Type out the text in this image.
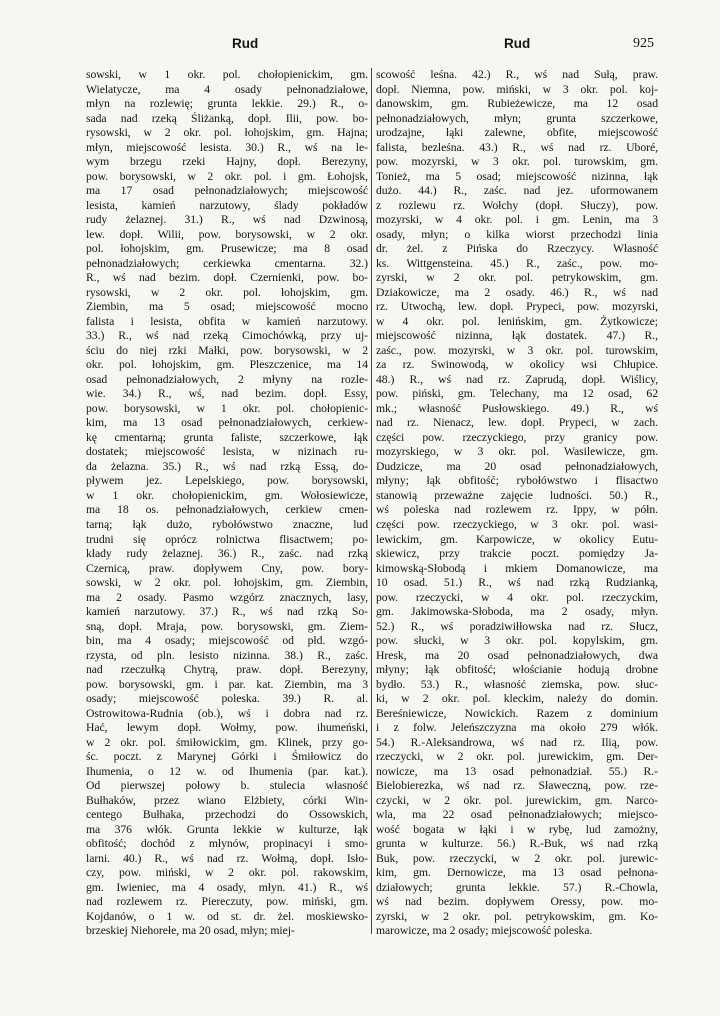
Rud	Rud	925
sowski, w 1 okr. pol. chołopienickim, gm.
Wielatycze, ma 4 osady pełnonadziałowe,
młyn na rozlewię; grunta lekkie. 29.) R., o-
sada nad rzeką Śliżanką, dopł. Ilii, pow. bo-
rysowski, w 2 okr. pol. łohojskim, gm. Hajna;
młyn, miejscowość lesista. 30.) R., wś na le-
wym brzegu rzeki Hajny, dopł. Berezyny,
pow. borysowski, w 2 okr. pol. i gm. Łohojsk,
ma 17 osad pełnonadziałowych; miejscowość
lesista, kamień narzutowy, ślady pokładów
rudy żelaznej. 31.) R., wś nad Dzwinosą,
lew. dopł. Wilii, pow. borysowski, w 2 okr.
pol. łohojskim, gm. Prusewicze; ma 8 osad
pełnonadziałowych; cerkiewka cmentarna. 32.)
R., wś nad bezim. dopł. Czernienki, pow. bo-
rysowski, w 2 okr. pol. łohojskim, gm.
Ziembin, ma 5 osad; miejscowość mocno
falista i lesista, obfita w kamień narzutowy.
33.) R., wś nad rzeką Cimochówką, przy uj-
ściu do niej rzki Małki, pow. borysowski, w 2
okr. pol. łohojskim, gm. Pleszczenice, ma 14
osad pełnonadziałowych, 2 młyny na rozle-
wie. 34.) R., wś, nad bezim. dopł. Essy,
pow. borysowski, w 1 okr. pol. chołopienic-
kim, ma 13 osad pełnonadziałowych, cerkiew-
kę cmentarną; grunta faliste, szczerkowe, łąk
dostatek; miejscowość lesista, w nizinach ru-
da żelazna. 35.) R., wś nad rzką Essą, do-
pływem jez. Lepelskiego, pow. borysowski,
w 1 okr. chołopienickim, gm. Wołosiewicze,
ma 18 os. pełnonadziałowych, cerkiew cmen-
tarną; łąk dużo, rybołówstwo znaczne, lud
trudni się oprócz rolnictwa flisactwem; po-
kłady rudy żelaznej. 36.) R., zaśc. nad rzką
Czernicą, praw. dopływem Cny, pow. bory-
sowski, w 2 okr. pol. łohojskim, gm. Ziembin,
ma 2 osady. Pasmo wzgórz znacznych, lasy,
kamień narzutowy. 37.) R., wś nad rzką So-
sną, dopł. Mraja, pow. borysowski, gm. Ziem-
bin, ma 4 osady; miejscowość od płd. wzgó-
rzysta, od pln. lesisto nizinna. 38.) R., zaśc.
nad rzeczułką Chytrą, praw. dopł. Berezyny,
pow. borysowski, gm. i par. kat. Ziembin, ma 3
osady; miejscowość poleska. 39.) R. al.
Ostrowitowa-Rudnia (ob.), wś i dobra nad rz.
Hać, lewym dopł. Wołmy, pow. ihumeński,
w 2 okr. pol. śmiłowickim, gm. Klinek, przy go-
śc. poczt. z Marynej Górki i Śmiłowicz do
Ihumenia, o 12 w. od Ihumenia (par. kat.).
Od pierwszej połowy b. stulecia własność
Bułhaków, przez wiano Elżbiety, córki Win-
centego Bułhaka, przechodzi do Ossowskich,
ma 376 włók. Grunta lekkie w kulturze, łąk
obfitość; dochód z młynów, propinacyi i smo-
larni. 40.) R., wś nad rz. Wołmą, dopł. Isło-
czy, pow. miński, w 2 okr. pol. rakowskim,
gm. Iwieniec, ma 4 osady, młyn. 41.) R., wś
nad rozlewem rz. Piereczuty, pow. miński, gm.
Kojdanów, o 1 w. od st. dr. żel. moskiewsko-
brzeskiej Niehorełe, ma 20 osad, młyn; miej-
scowość leśna. 42.) R., wś nad Sułą, praw.
dopł. Niemna, pow. miński, w 3 okr. pol. koj-
danowskim, gm. Rubieżewicze, ma 12 osad
pełnonadziałowych, młyn; grunta szczerkowe,
urodzajne, łąki zalewne, obfite, miejscowość
falista, bezleśna. 43.) R., wś nad rz. Uboré,
pow. mozyrski, w 3 okr. pol. turowskim, gm.
Tonież, ma 5 osad; miejscowość nizinna, łąk
dużo. 44.) R., zaśc. nad jez. uformowanem
z rozlewu rz. Wołchy (dopł. Słuczy), pow.
mozyrski, w 4 okr. pol. i gm. Lenin, ma 3
osady, młyn; o kilka wiorst przechodzi linia
dr. żel. z Pińska do Rzeczycy. Własność
ks. Wittgensteina. 45.) R., zaśc., pow. mo-
zyrski, w 2 okr. pol. petrykowskim, gm.
Dziakowicze, ma 2 osady. 46.) R., wś nad
rz. Utwochą, lew. dopł. Prypeci, pow. mozyrski,
w 4 okr. pol. lenińskim, gm. Żytkowicze;
miejscowość nizinna, łąk dostatek. 47.) R.,
zaśc., pow. mozyrski, w 3 okr. pol. turowskim,
za rz. Swinowodą, w okolicy wsi Chłupice.
48.) R., wś nad rz. Zaprudą, dopł. Wiślicy,
pow. piński, gm. Telechany, ma 12 osad, 62
mk.; własność Pusłowskiego. 49.) R., wś
nad rz. Nienacz, lew. dopł. Prypeci, w zach.
części pow. rzeczyckiego, przy granicy pow.
mozyrskiego, w 3 okr. pol. Wasilewicze, gm.
Dudzicze, ma 20 osad pełnonadziałowych,
młyny; łąk obfitość; rybołówstwo i flisactwo
stanowią przeważne zajęcie ludności. 50.) R.,
wś poleska nad rozlewem rz. Ippy, w półn.
części pow. rzeczyckiego, w 3 okr. pol. wasi-
lewickim, gm. Karpowicze, w okolicy Eutu-
skiewicz, przy trakcie poczt. pomiędzy Ja-
kimowską-Słobodą i mkiem Domanowicze, ma
10 osad. 51.) R., wś nad rzką Rudzianką,
pow. rzeczycki, w 4 okr. pol. rzeczyckim,
gm. Jakimowska-Słoboda, ma 2 osady, młyn.
52.) R., wś poradziwiłłowska nad rz. Słucz,
pow. słucki, w 3 okr. pol. kopylskim, gm.
Hresk, ma 20 osad pełnonadziałowych, dwa
młyny; łąk obfitość; włościanie hodują drobne
bydło. 53.) R., własność ziemska, pow. słuc-
ki, w 2 okr. pol. kleckim, należy do domin.
Bereśniewicze, Nowickich. Razem z dominium
i z folw. Jeleńszczyzna ma około 279 włók.
54.) R.-Aleksandrowa, wś nad rz. Ilią, pow.
rzeczycki, w 2 okr. pol. jurewickim, gm. Der-
nowicze, ma 13 osad pełnonadział. 55.) R.-
Bielobierezka, wś nad rz. Sławeczną, pow. rze-
czycki, w 2 okr. pol. jurewickim, gm. Narco-
wla, ma 22 osad pełnonadziałowych; miejsco-
wość bogata w łąki i w rybę, lud zamożny,
grunta w kulturze. 56.) R.-Buk, wś nad rzką
Buk, pow. rzeczycki, w 2 okr. pol. jurewic-
kim, gm. Dernowicze, ma 13 osad pełnona-
działowych; grunta lekkie. 57.) R.-Chowla,
wś nad bezim. dopływem Oressy, pow. mo-
zyrski, w 2 okr. pol. petrykowskim, gm. Ko-
marowicze, ma 2 osady; miejscowość poleska.
